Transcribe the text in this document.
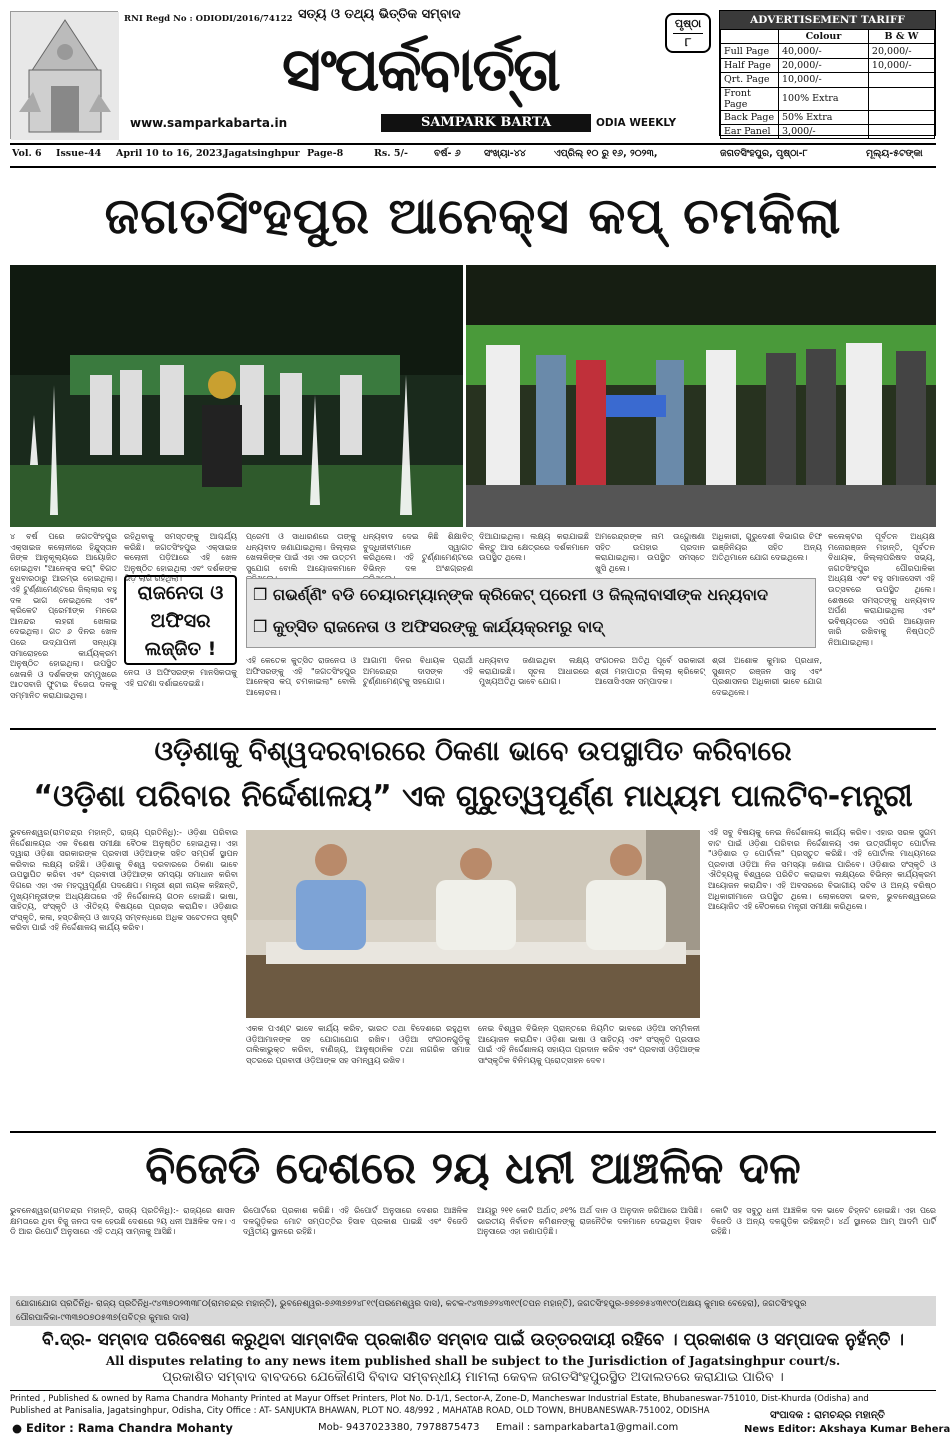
RNI Regd No : ODIODI/2016/74122 ସତ୍ୟ ଓ ତଥ୍ୟ ଭିତ୍ତିକ ସମ୍ବାଦ
ସଂପର୍କବାର୍ତ୍ତା
SAMPARK BARTA
www.samparkabarta.in	ODIA WEEKLY
ପୃଷ୍ଠା
୮
ADVERTISEMENT TARIFF
	Colour	B & W
Full Page	40,000/-	20,000/-
Half Page	20,000/-	10,000/-
Qrt. Page	10,000/-	
Front Page	100% Extra	
Back Page	50% Extra	
Ear Panel	3,000/-	
Vol. 6 Issue-44 April 10 to 16, 2023,
Jagatsinghpur Page-8	Rs. 5/-	ବର୍ଷ- ୬ ସଂଖ୍ୟା-୪୪	ଏପ୍ରିଲ୍ ୧୦ ରୁ ୧୬, ୨୦୨୩,	ଜଗତସିଂହପୁର, ପୃଷ୍ଠା-୮	ମୂଲ୍ୟ-୫ଟଙ୍କା
ଜଗତସିଂହପୁର ଆନେକ୍ସ କପ୍ ଚମକିଲା
୪ ବର୍ଷ ପରେ ଜଗତସିଂହପୁର ଏକ୍ସାଇଜ କଲୋନୀରେ ହିନ୍ଦୁସ୍ତାନ ଜିଙ୍କ ଆନୁକୂଲ୍ୟରେ ଆୟୋଜିତ ହୋଇଥିବା "ଆନେକ୍ସ କପ୍" ବିଗତ ବୁଧବାରଠାରୁ ଆରମ୍ଭ ହୋଇଥିଲା। ଏହି ଟୁର୍ଣ୍ଣାମେଣ୍ଟରେ ଜିଲ୍ଲାର ବହୁ ଦଳ ଭାଗ ନେଇଥିଲେ ଏବଂ କ୍ରିକେଟ ପ୍ରେମୀଙ୍କ ମନରେ ଆନନ୍ଦର ଲହରୀ ଖେଳାଇ ଦେଇଥିଲା। ଗତ ୬ ଦିନର ଖେଳ ପରେ ଉଦ୍ଯାପନୀ ସନ୍ଧ୍ୟା ସମାରୋହରେ କାର୍ଯ୍ୟକ୍ରମ ଅନୁଷ୍ଠିତ ହୋଇଥିଲା। ଉପସ୍ଥିତ ଖେଳାଳି ଓ ଦର୍ଶକଙ୍କ ସମ୍ମୁଖରେ ଆତସବାଜି ଫୁଟାଇ ବିଜେତା ଦଳକୁ ସମ୍ମାନିତ କରାଯାଇଥିଲା।
ରହିଥିବାକୁ ସମସ୍ତଙ୍କୁ ଆଶ୍ଚର୍ଯ୍ୟ କରିଛି। ଜଗତସିଂହପୁର ଏକ୍ସାଇଜ କଲୋନୀ ପଡ଼ିଆରେ ଏହି ଖେଳ ଅନୁଷ୍ଠିତ ହୋଇଥିଲା ଏବଂ ଦର୍ଶକଙ୍କ ଭିଡ଼ ଲାଗି ରହିଥିଲା।
ପ୍ରେମୀ ଓ ସାଧାରଣରେ ତାଙ୍କୁ ଧନ୍ୟବାଦ ଜଣାଯାଇଥିଲା। ଜିଲ୍ଲାର ଖେଳାଳିଙ୍କ ପାଇଁ ଏହା ଏକ ଉତ୍ତମ ସୁଯୋଗ ବୋଲି ଆୟୋଜକମାନେ
ଧନ୍ୟବାଦ ଦେଇ କିଛି ଶିକ୍ଷାବିତ୍ ବୁଦ୍ଧିଜୀବୀମାନେ ସ୍ୱାଗତ କରିଥିଲେ। ଏହି ଟୁର୍ଣ୍ଣାମେଣ୍ଟରେ ବିଭିନ୍ନ ଦଳ ଅଂଶଗ୍ରହଣ
ଦିଆଯାଇଥିଲା। ଲକ୍ଷ୍ୟ କରାଯାଇଛି କିନ୍ତୁ ଆସ କ୍ଷେତ୍ରରେ ଦର୍ଶକମାନେ ଉପସ୍ଥିତ ଥିଲେ।
ଅମରେନ୍ଦ୍ରଙ୍କ ନାମ ଉଦ୍ଘୋଷଣା ସହିତ ଉପହାର ପ୍ରଦାନ କରାଯାଇଥିଲା। ଉପସ୍ଥିତ ସମସ୍ତେ ଖୁସି ଥିଲେ।
ଅଧିକାରୀ, ଗୁରୁଦେଶୀ ବିଭାଗର ଚିଫ ଇଞ୍ଜିନିୟର ସହିତ ଅନ୍ୟ ଅତିଥିମାନେ ଯୋଗ ଦେଇଥିଲେ।
କଲେକ୍ଟର ପୂର୍ବତନ ଅଧ୍ୟକ୍ଷ ମନୋରଞ୍ଜନ ମହାନ୍ତି, ପୂର୍ବତନ ବିଧାୟକ, ଜିଲ୍ଲାପରିଷଦ ସଭ୍ୟ, ଜଗତସିଂହପୁର ପୌରପାଳିକା ଅଧ୍ୟକ୍ଷ ଏବଂ ବହୁ ସମାଜସେବୀ ଏହି ଉତ୍ସବରେ ଉପସ୍ଥିତ ଥିଲେ। ଶେଷରେ ସମସ୍ତଙ୍କୁ ଧନ୍ୟବାଦ ଅର୍ପଣ କରାଯାଇଥିଲା ଏବଂ ଭବିଷ୍ୟତରେ ଏପରି ଆୟୋଜନ ଜାରି ରଖିବାକୁ ନିଷ୍ପତ୍ତି ନିଆଯାଇଥିଲା।
ରାଜନେତା ଓ ଅଫିସର ଲଜ୍ଜିତ !
❒ ଗଭର୍ଣ୍ଣିଂ ବଡି ଚେୟାରମ୍ୟାନ୍‌ଙ୍କ କ୍ରିକେଟ୍ ପ୍ରେମୀ ଓ ଜିଲ୍ଲାବାସୀଙ୍କ ଧନ୍ୟବାଦ
❒ କୁତ୍ସିତ ରାଜନେତା ଓ ଅଫିସରଙ୍କୁ କାର୍ଯ୍ୟକ୍ରମରୁ ବାଦ୍
ନେତା ଓ ଅଫିସରଙ୍କ ମାନସିକତାକୁ ଏହି ଘଟଣା ଦର୍ଶାଇଦେଇଛି।
ଏହି କେତେକ କୁତ୍ସିତ ରାଜନେତା ଓ ଅଫିସରଙ୍କୁ ଏହି "ଜଗତସିଂହପୁର ଆନେକ୍ସ କପ୍ ଚମକାଇଲା" ବୋଲି ଆଲୋଚନା।
ଆଗାମୀ ଦିନର ବିଧାୟକ ପ୍ରାର୍ଥୀ ଅମରେନ୍ଦ୍ର ଦାସଙ୍କ ଏହି ଟୁର୍ଣ୍ଣାମେଣ୍ଟକୁ ସହଯୋଗ।
ଧନ୍ୟବାଦ ଜଣାଇଥିବା ଲକ୍ଷ୍ୟ କରାଯାଇଛି। ସୂଚନା ଆଧାରରେ ମୁଖ୍ୟଅତିଥି ଭାବେ ଯୋଗ।
ସଂଗଠନର ଅତିଥି ପୂର୍ବେ ସରକାରୀ ଶ୍ରୀ ମହାପାତ୍ର ଜିଲ୍ଲା କ୍ରିକେଟ୍ ଆସୋସିଏସନ ସମ୍ପାଦକ।
ଶ୍ରୀ ଅଶୋକ କୁମାର ପ୍ରଧାନ, ସୁଶାନ୍ତ ରଞ୍ଜନ ସାହୁ ଏବଂ ପ୍ରଶାସନର ଅଧିକାରୀ ଭାବେ ଯୋଗ ଦେଇଥିଲେ।
ଓଡ଼ିଶାକୁ ବିଶ୍ୱଦରବାରରେ ଠିକଣା ଭାବେ ଉପସ୍ଥାପିତ କରିବାରେ
“ଓଡ଼ିଶା ପରିବାର ନିର୍ଦ୍ଦେଶାଳୟ” ଏକ ଗୁରୁତ୍ୱପୂର୍ଣ୍ଣ ମାଧ୍ୟମ ପାଲଟିବ-ମନ୍ତ୍ରୀ
ଭୁବନେଶ୍ୱର(ରାମଚନ୍ଦ୍ର ମହାନ୍ତି, ରାଜ୍ୟ ପ୍ରତିନିଧି):- ଓଡ଼ିଶା ପରିବାର ନିର୍ଦ୍ଦେଶାଳୟର ଏକ ବିଶେଷ ସମୀକ୍ଷା ବୈଠକ ଅନୁଷ୍ଠିତ ହୋଇଥିଲା। ଏହା ଦ୍ୱାରା ଓଡ଼ିଶା ସରକାରଙ୍କ ପ୍ରବାସୀ ଓଡ଼ିଆଙ୍କ ସହିତ ସମ୍ପର୍କ ସ୍ଥାପନ କରିବାର ଲକ୍ଷ୍ୟ ରହିଛି। ଓଡ଼ିଶାକୁ ବିଶ୍ୱ ଦରବାରରେ ଠିକଣା ଭାବେ ଉପସ୍ଥାପିତ କରିବା ଏବଂ ପ୍ରବାସୀ ଓଡ଼ିଆଙ୍କ ସମସ୍ୟା ସମାଧାନ କରିବା ଦିଗରେ ଏହା ଏକ ମହତ୍ତ୍ୱପୂର୍ଣ୍ଣ ପଦକ୍ଷେପ। ମନ୍ତ୍ରୀ ଶ୍ରୀ ନାୟକ କହିଛନ୍ତି, ମୁଖ୍ୟମନ୍ତ୍ରୀଙ୍କ ଅଧ୍ୟକ୍ଷତାରେ ଏହି ନିର୍ଦ୍ଦେଶାଳୟ ଗଠନ ହୋଇଛି। ଭାଷା, ସାହିତ୍ୟ, ସଂସ୍କୃତି ଓ ଐତିହ୍ୟ ବିଷୟରେ ପ୍ରଚାର କରାଯିବ। ଓଡ଼ିଶାର ସଂସ୍କୃତି, କଳା, ହସ୍ତଶିଳ୍ପ ଓ ଖାଦ୍ୟ ସମ୍ବନ୍ଧରେ ଅଧିକ ସଚେତନତା ସୃଷ୍ଟି କରିବା ପାଇଁ ଏହି ନିର୍ଦ୍ଦେଶାଳୟ କାର୍ଯ୍ୟ କରିବ।
ଏହି ସବୁ ବିଷୟକୁ ନେଇ ନିର୍ଦ୍ଦେଶାଳୟ କାର୍ଯ୍ୟ କରିବ। ଏହାର ସରଳ ସୁଗମ ବାଟ ପାଇଁ ଓଡ଼ିଶା ପରିବାର ନିର୍ଦ୍ଦେଶାଳୟ ଏକ ଉତ୍ସର୍ଗୀକୃତ ପୋର୍ଟାଲ "ଓଡ଼ିଶାର ଡ଼ ପୋର୍ଟାଲ" ପ୍ରସ୍ତୁତ କରିଛି। ଏହି ପୋର୍ଟାଲ ମାଧ୍ୟମରେ ପ୍ରବାସୀ ଓଡ଼ିଆ ନିଜ ସମସ୍ୟା ଜଣାଇ ପାରିବେ। ଓଡ଼ିଶାର ସଂସ୍କୃତି ଓ ଐତିହ୍ୟକୁ ବିଶ୍ୱରେ ପରିଚିତ କରାଇବା ଲକ୍ଷ୍ୟରେ ବିଭିନ୍ନ କାର୍ଯ୍ୟକ୍ରମ ଆୟୋଜନ କରାଯିବ। ଏହି ଅବସରରେ ବିଭାଗୀୟ ସଚିବ ଓ ଅନ୍ୟ ବରିଷ୍ଠ ଅଧିକାରୀମାନେ ଉପସ୍ଥିତ ଥିଲେ। ଲୋକସେବା ଭବନ, ଭୁବନେଶ୍ୱରରେ ଆୟୋଜିତ ଏହି ବୈଠକରେ ମନ୍ତ୍ରୀ ସମୀକ୍ଷା କରିଥିଲେ।
ଏକକ ପଏଣ୍ଟ ଭାବେ କାର୍ଯ୍ୟ କରିବ, ଭାରତ ତଥା ବିଦେଶରେ ରହୁଥିବା ଓଡ଼ିଆମାନଙ୍କ ସହ ଯୋଗାଯୋଗ ରଖିବ। ଓଡ଼ିଆ ସଂଗଠନଗୁଡ଼ିକୁ ତାଲିକାଭୁକ୍ତ କରିବା, ବାଣିଜ୍ୟ, ଆନୁଷ୍ଠାନିକ ତଥା ନାଗରିକ ସମାଜ ସ୍ତରରେ ପ୍ରବାସୀ ଓଡ଼ିଆଙ୍କ ସହ ସମନ୍ୱୟ ରଖିବ।
ନେଇ ବିଶ୍ୱର ବିଭିନ୍ନ ପ୍ରାନ୍ତରେ ନିୟମିତ ଭାବରେ ଓଡ଼ିଆ ସମ୍ମିଳନୀ ଆୟୋଜନ କରାଯିବ। ଓଡ଼ିଶା ଭାଷା ଓ ସାହିତ୍ୟ ଏବଂ ସଂସ୍କୃତି ପ୍ରସାର ପାଇଁ ଏହି ନିର୍ଦ୍ଦେଶାଳୟ ସହାୟତା ପ୍ରଦାନ କରିବ ଏବଂ ପ୍ରବାସୀ ଓଡ଼ିଆଙ୍କ ସାଂସ୍କୃତିକ ବିନିମୟକୁ ପ୍ରୋତ୍ସାହନ ଦେବ।
ବିଜେଡି ଦେଶରେ ୨ୟ ଧନୀ ଆଞ୍ଚଳିକ ଦଳ
ଭୁବନେଶ୍ୱର(ରାମଚନ୍ଦ୍ର ମହାନ୍ତି, ରାଜ୍ୟ ପ୍ରତିନିଧି):- ରାଜ୍ୟରେ ଶାସନ କ୍ଷମତାରେ ଥିବା ବିଜୁ ଜନତା ଦଳ ହେଉଛି ଦେଶରେ ୨ୟ ଧନୀ ଆଞ୍ଚଳିକ ଦଳ। ଏ ଡି ଆର ରିପୋର୍ଟ ଅନୁସାରେ ଏହି ତଥ୍ୟ ସାମ୍ନାକୁ ଆସିଛି।
ରିପୋର୍ଟରେ ପ୍ରକାଶ କରିଛି। ଏହି ରିପୋର୍ଟ ଅନୁସାରେ ଦେଶର ଆଞ୍ଚଳିକ ଦଳଗୁଡ଼ିକର ମୋଟ ସମ୍ପତ୍ତିର ହିସାବ ପ୍ରକାଶ ପାଇଛି ଏବଂ ବିଜେଡି ଦ୍ୱିତୀୟ ସ୍ଥାନରେ ରହିଛି।
ଆୟରୁ ୨୧୧ କୋଟି ଅର୍ଥାତ୍ ୬୧% ଅର୍ଥ ଦାନ ଓ ଅନୁଦାନ ଜରିଆରେ ଆସିଛି। ଭାରତୀୟ ନିର୍ବାଚନ କମିଶନଙ୍କୁ ରାଜନୈତିକ ଦଳମାନେ ଦେଇଥିବା ହିସାବ ଅନୁସାରେ ଏହା ଜଣାପଡ଼ିଛି।
କୋଟି ସହ ସବୁଠୁ ଧନୀ ଆଞ୍ଚଳିକ ଦଳ ଭାବେ ଚିହ୍ନଟ ହୋଇଛି। ଏହା ପରେ ବିଜେଡି ଓ ଅନ୍ୟ ଦଳଗୁଡ଼ିକ ରହିଛନ୍ତି। ୪ର୍ଥ ସ୍ଥାନରେ ଆମ୍ ଆଦମି ପାର୍ଟି ରହିଛି।
ଯୋଗାଯୋଗ ପ୍ରତିନିଧି- ରାଜ୍ୟ ପ୍ରତିନିଧି-୯୪୩୭୦୨୩୩୮୦(ରାମଚନ୍ଦ୍ର ମହାନ୍ତି), ଭୁବନେଶ୍ୱର-୭୬୩୭୭୨୪୮୧୯(ପରମେଶ୍ୱର ଦାସ), କଟକ-୯୪୩୭୬୨୪୩୧୯(ତପନ ମହାନ୍ତି), ଜଗତସିଂହପୁର-୭୭୭୭୫୪୩୧୯୦(ଅକ୍ଷୟ କୁମାର ବେହେରା), ଜଗତସିଂହପୁର ପୌରପାଳିକା-୯୩୩୭୦୭୦୫୩୭(ପବିତ୍ର କୁମାର ଦାସ)
ବି.ଦ୍ର- ସମ୍ବାଦ ପରିବେଷଣ କରୁଥିବା ସାମ୍ବାଦିକ ପ୍ରକାଶିତ ସମ୍ବାଦ ପାଇଁ ଉତ୍ତରଦାୟୀ ରହିବେ । ପ୍ରକାଶକ ଓ ସମ୍ପାଦକ ନୁହଁନ୍ତି ।
All disputes relating to any news item published shall be subject to the Jurisdiction of Jagatsinghpur court/s.
ପ୍ରକାଶିତ ସମ୍ବାଦ ବାବଦରେ ଯେକୌଣସି ବିବାଦ ସମ୍ବନ୍ଧୀୟ ମାମଲା କେବଳ ଜଗତସିଂହପୁରସ୍ଥିତ ଅଦାଲତରେ କରାଯାଇ ପାରିବ ।
Printed , Published & owned by Rama Chandra Mohanty Printed at Mayur Offset Printers, Plot No. D-1/1, Sector-A, Zone-D, Mancheswar Industrial Estate, Bhubaneswar-751010, Dist-Khurda (Odisha) and
Published at Panisalia, Jagatsinghpur, Odisha, City Office : AT- SANJUKTA BHAWAN, PLOT NO. 48/992 , MAHATAB ROAD, OLD TOWN, BHUBANESWAR-751002, ODISHA	ସଂପାଦକ : ରାମଚନ୍ଦ୍ର ମହାନ୍ତି
● Editor : Rama Chandra Mohanty	Mob- 9437023380, 7978875473 Email : samparkabarta1@gmail.com	News Editor: Akshaya Kumar Behera
